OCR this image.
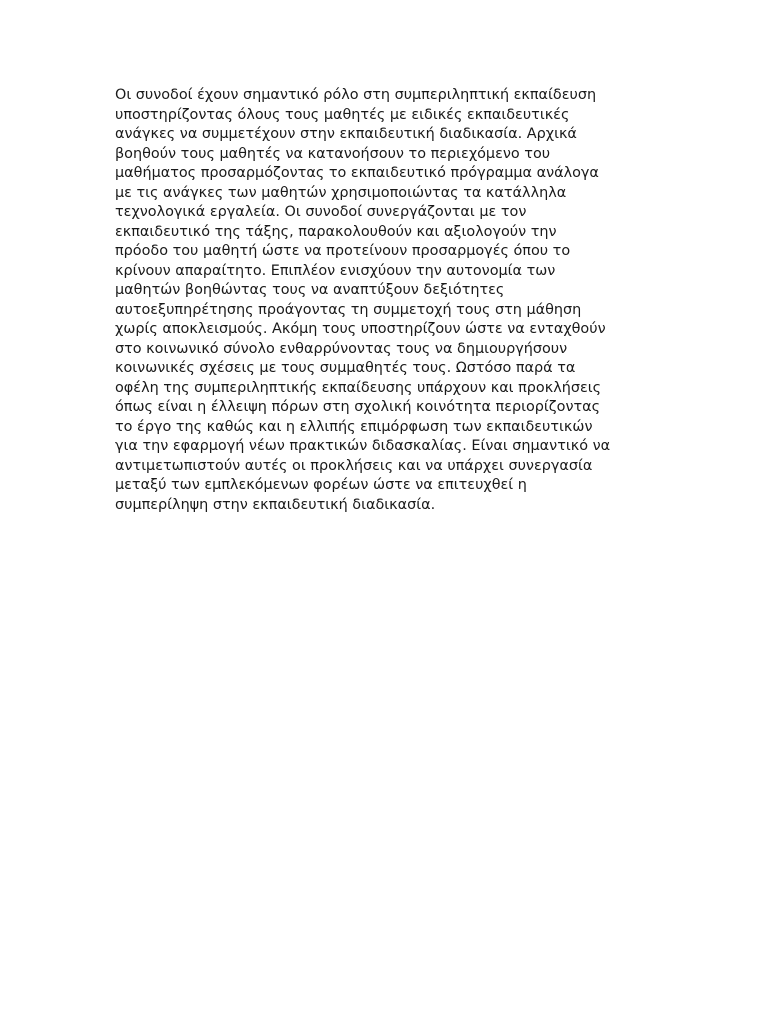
Οι συνοδοί έχουν σημαντικό ρόλο στη συμπεριληπτική εκπαίδευση
υποστηρίζοντας όλους τους μαθητές με ειδικές εκπαιδευτικές
ανάγκες να συμμετέχουν στην εκπαιδευτική διαδικασία. Αρχικά
βοηθούν τους μαθητές να κατανοήσουν το περιεχόμενο του
μαθήματος προσαρμόζοντας το εκπαιδευτικό πρόγραμμα ανάλογα
με τις ανάγκες των μαθητών χρησιμοποιώντας τα κατάλληλα
τεχνολογικά εργαλεία. Οι συνοδοί συνεργάζονται με τον
εκπαιδευτικό της τάξης, παρακολουθούν και αξιολογούν την
πρόοδο του μαθητή ώστε να προτείνουν προσαρμογές όπου το
κρίνουν απαραίτητο. Επιπλέον ενισχύουν την αυτονομία των
μαθητών βοηθώντας τους να αναπτύξουν δεξιότητες
αυτοεξυπηρέτησης προάγοντας τη συμμετοχή τους στη μάθηση
χωρίς αποκλεισμούς. Ακόμη τους υποστηρίζουν ώστε να ενταχθούν
στο κοινωνικό σύνολο ενθαρρύνοντας τους να δημιουργήσουν
κοινωνικές σχέσεις με τους συμμαθητές τους. Ωστόσο παρά τα
οφέλη της συμπεριληπτικής εκπαίδευσης υπάρχουν και προκλήσεις
όπως είναι η έλλειψη πόρων στη σχολική κοινότητα περιορίζοντας
το έργο της καθώς και η ελλιπής επιμόρφωση των εκπαιδευτικών
για την εφαρμογή νέων πρακτικών διδασκαλίας. Είναι σημαντικό να
αντιμετωπιστούν αυτές οι προκλήσεις και να υπάρχει συνεργασία
μεταξύ των εμπλεκόμενων φορέων ώστε να επιτευχθεί η
συμπερίληψη στην εκπαιδευτική διαδικασία.
